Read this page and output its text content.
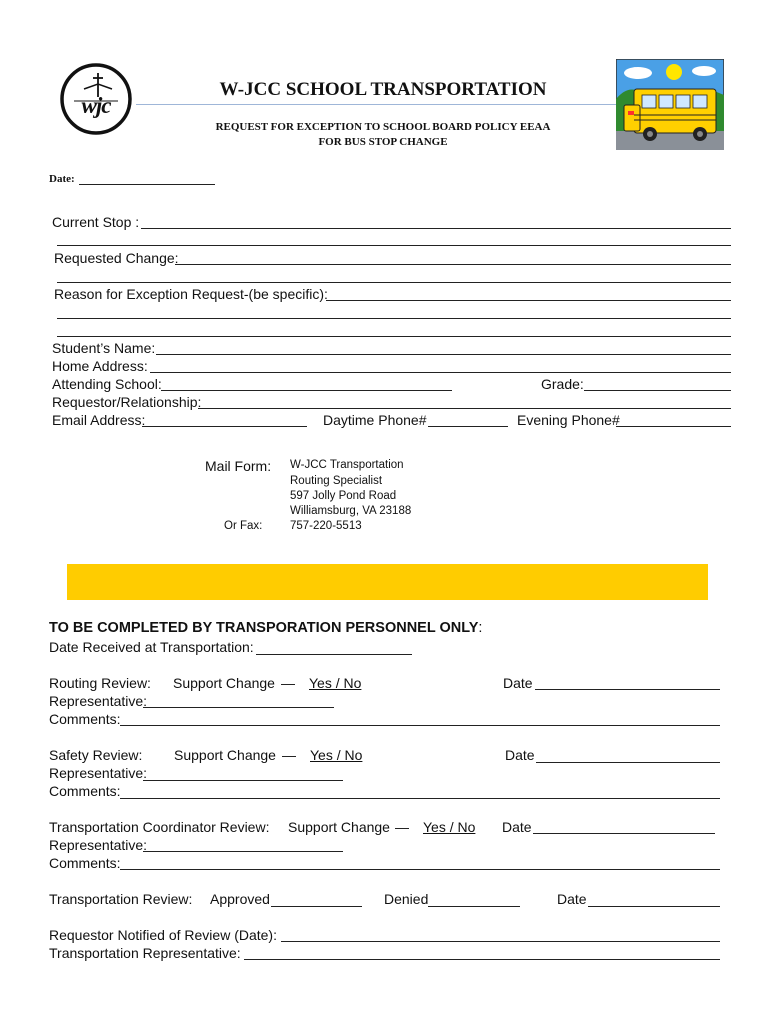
wjc
W-JCC SCHOOL TRANSPORTATION
REQUEST FOR EXCEPTION TO SCHOOL BOARD POLICY EEAA
FOR BUS STOP CHANGE
Date:
Current Stop :
Requested Change:
Reason for Exception Request-(be specific):
Student’s Name:
Home Address:
Attending School:	Grade:
Requestor/Relationship:
Email Address:	Daytime Phone#	Evening Phone#
Mail Form: W-JCC Transportation
Routing Specialist
597 Jolly Pond Road
Williamsburg, VA 23188
Or Fax: 757-220-5513
TO BE COMPLETED BY TRANSPORATION PERSONNEL ONLY:
Date Received at Transportation:
Routing Review: Support Change — Yes / No	Date
Representative:
Comments:
Safety Review: Support Change — Yes / No	Date
Representative:
Comments:
Transportation Coordinator Review: Support Change — Yes / No Date
Representative:
Comments:
Transportation Review: Approved	Denied	Date
Requestor Notified of Review (Date):
Transportation Representative:
